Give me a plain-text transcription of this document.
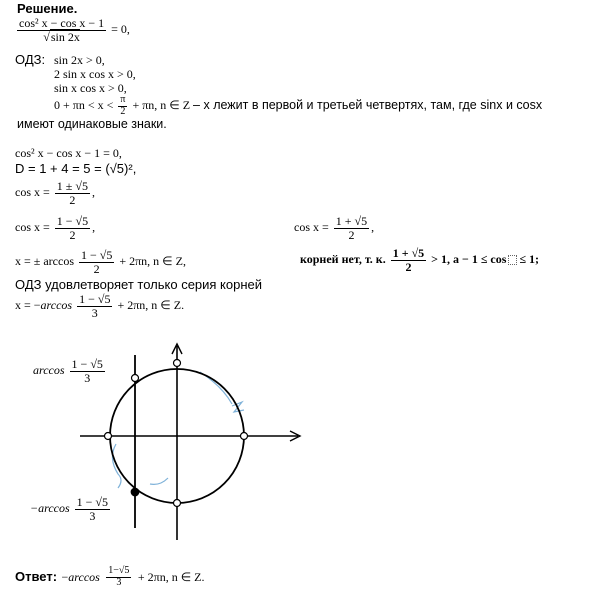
Решение.
$\frac{\text{cos² x − cos x − 1}}{√\sin 2x} = 0$,
ОДЗ: sin 2x > 0,
2 sin x cos x > 0,
sin x cos x > 0,
$0 + \pi n < x < \frac{\pi}{2} + \pi n$, n ∈ Z – x лежит в первой и третьей четвертях, там, где sinx и cosx
имеют одинаковые знаки.
cos² x − cos x − 1 = 0,
D = 1 + 4 = 5 = (√5)²,
$\cos x = \frac{1 \pm √5}{2}$ ,
$\cos x = \frac{1 - √5}{2}$ ,	$\cos x = \frac{1 + √5}{2}$ ,
x = ± $\arccos \frac{1 - √5}{2} + 2\pi n$, n ∈ Z,	корней нет, т. к. $\frac{1 + √5}{2} > 1$, a − 1 ≤ cos ≤ 1;
ОДЗ удовлетворяет только серия корней
$x = -\arccos \frac{1 - √5}{3} + 2\pi n$, n ∈ Z.
$\arccos \frac{1 - √5}{3}$
$-\arccos \frac{1 - √5}{3}$
Ответ: $-\arccos \frac{1-√5}{3} + 2\pi n$, n ∈ Z.
